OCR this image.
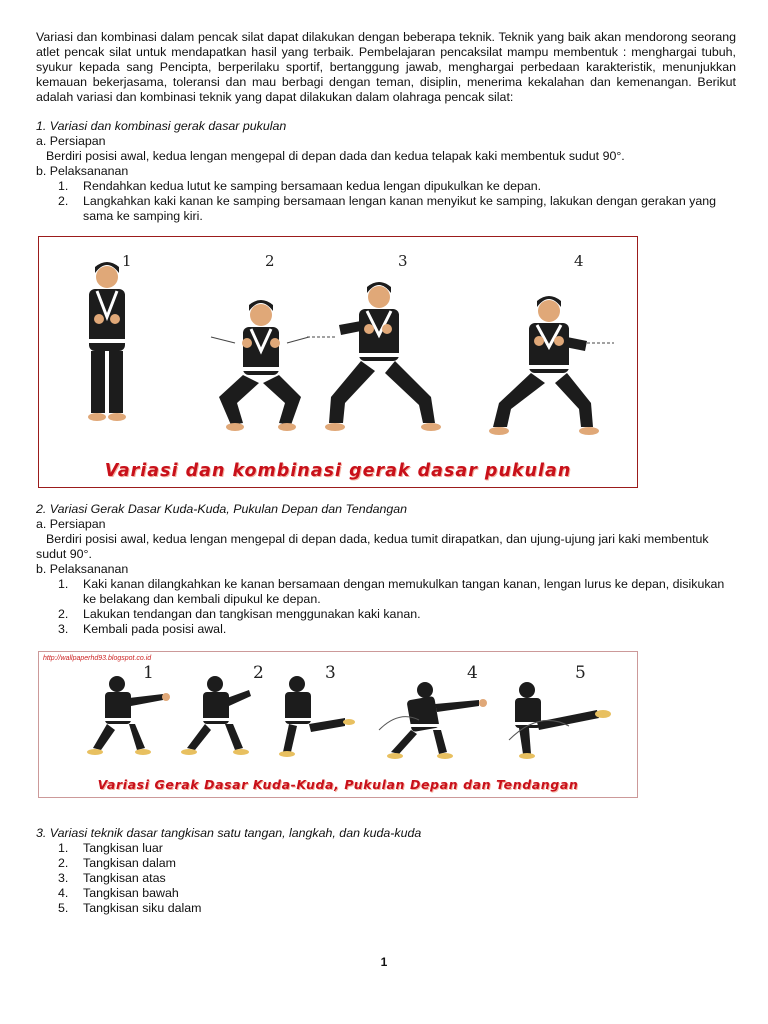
Variasi dan kombinasi dalam pencak silat dapat dilakukan dengan beberapa teknik. Teknik yang baik akan mendorong seorang atlet pencak silat untuk mendapatkan hasil yang terbaik. Pembelajaran pencaksilat mampu membentuk : menghargai tubuh, syukur kepada sang Pencipta, berperilaku sportif, bertanggung jawab, menghargai perbedaan karakteristik, menunjukkan kemauan bekerjasama, toleransi dan mau berbagi dengan teman, disiplin, menerima kekalahan dan kemenangan. Berikut adalah variasi dan kombinasi teknik yang dapat dilakukan dalam olahraga pencak silat:

1. Variasi dan kombinasi gerak dasar pukulan

a. Persiapan

Berdiri posisi awal, kedua lengan mengepal di depan dada dan kedua telapak kaki membentuk sudut 90°.

b. Pelaksananan

1. Rendahkan kedua lutut ke samping bersamaan kedua lengan dipukulkan ke depan.
2. Langkahkan kaki kanan ke samping bersamaan lengan kanan menyikut ke samping, lakukan dengan gerakan yang sama ke samping kiri.
1	2	3	4
Variasi dan kombinasi gerak dasar pukulan

2. Variasi Gerak Dasar Kuda-Kuda, Pukulan Depan dan Tendangan

a. Persiapan

Berdiri posisi awal, kedua lengan mengepal di depan dada, kedua tumit dirapatkan, dan ujung-ujung jari kaki membentuk sudut 90°.

b. Pelaksananan

1. Kaki kanan dilangkahkan ke kanan bersamaan dengan memukulkan tangan kanan, lengan lurus ke depan, disikukan ke belakang dan kembali dipukul ke depan.
2. Lakukan tendangan dan tangkisan menggunakan kaki kanan.
3. Kembali pada posisi awal.
http://wallpaperhd93.blogspot.co.id
1	2	3	4	5
Variasi Gerak Dasar Kuda-Kuda, Pukulan Depan dan Tendangan

3. Variasi teknik dasar tangkisan satu tangan, langkah, dan kuda-kuda

1. Tangkisan luar
2. Tangkisan dalam
3. Tangkisan atas
4. Tangkisan bawah
5. Tangkisan siku dalam
1
